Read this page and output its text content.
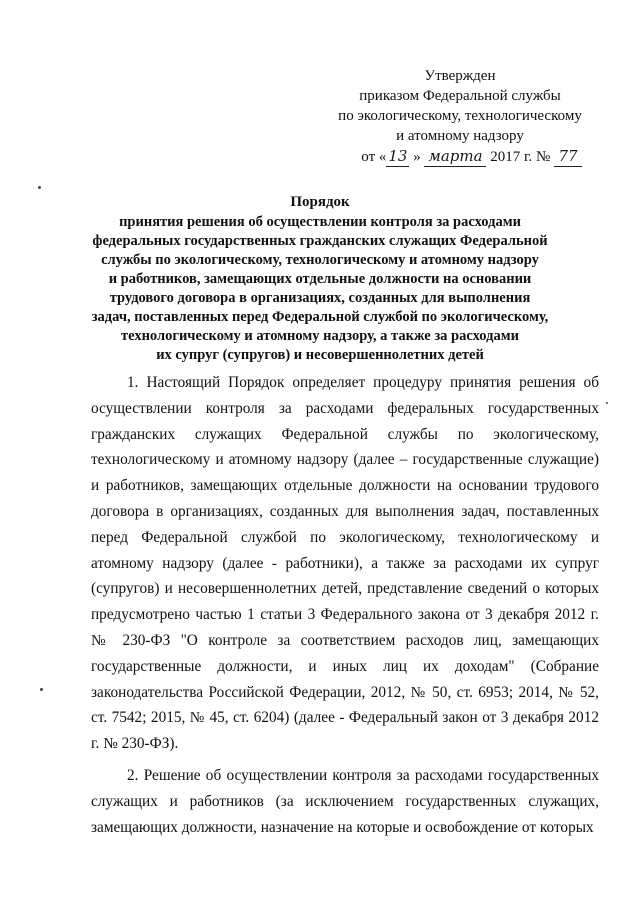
Утвержден
приказом Федеральной службы
по экологическому, технологическому
и атомному надзору
от « 13 » марта 2017 г. № 77
Порядок
принятия решения об осуществлении контроля за расходами
федеральных государственных гражданских служащих Федеральной
службы по экологическому, технологическому и атомному надзору
и работников, замещающих отдельные должности на основании
трудового договора в организациях, созданных для выполнения
задач, поставленных перед Федеральной службой по экологическому,
технологическому и атомному надзору, а также за расходами
их супруг (супругов) и несовершеннолетних детей

1. Настоящий Порядок определяет процедуру принятия решения об осуществлении контроля за расходами федеральных государственных гражданских служащих Федеральной службы по экологическому, технологическому и атомному надзору (далее – государственные служащие) и работников, замещающих отдельные должности на основании трудового договора в организациях, созданных для выполнения задач, поставленных перед Федеральной службой по экологическому, технологическому и атомному надзору (далее - работники), а также за расходами их супруг (супругов) и несовершеннолетних детей, представление сведений о которых предусмотрено частью 1 статьи 3 Федерального закона от 3 декабря 2012 г. № 230-ФЗ "О контроле за соответствием расходов лиц, замещающих государственные должности, и иных лиц их доходам" (Собрание законодательства Российской Федерации, 2012, № 50, ст. 6953; 2014, № 52, ст. 7542; 2015, № 45, ст. 6204) (далее - Федеральный закон от 3 декабря 2012 г. № 230-ФЗ).

2. Решение об осуществлении контроля за расходами государственных служащих и работников (за исключением государственных служащих, замещающих должности, назначение на которые и освобождение от которых
